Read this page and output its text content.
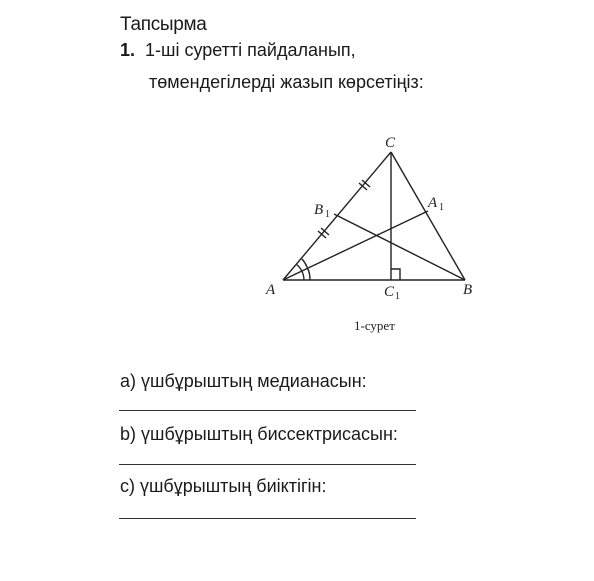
Тапсырма
1. 1-ші суретті пайдаланып,
төмендегілерді жазып көрсетіңіз:
C
A	B
B 1
A 1
C 1
1-сурет
а) үшбұрыштың медианасын:
b) үшбұрыштың биссектрисасын:
с) үшбұрыштың биіктігін:
